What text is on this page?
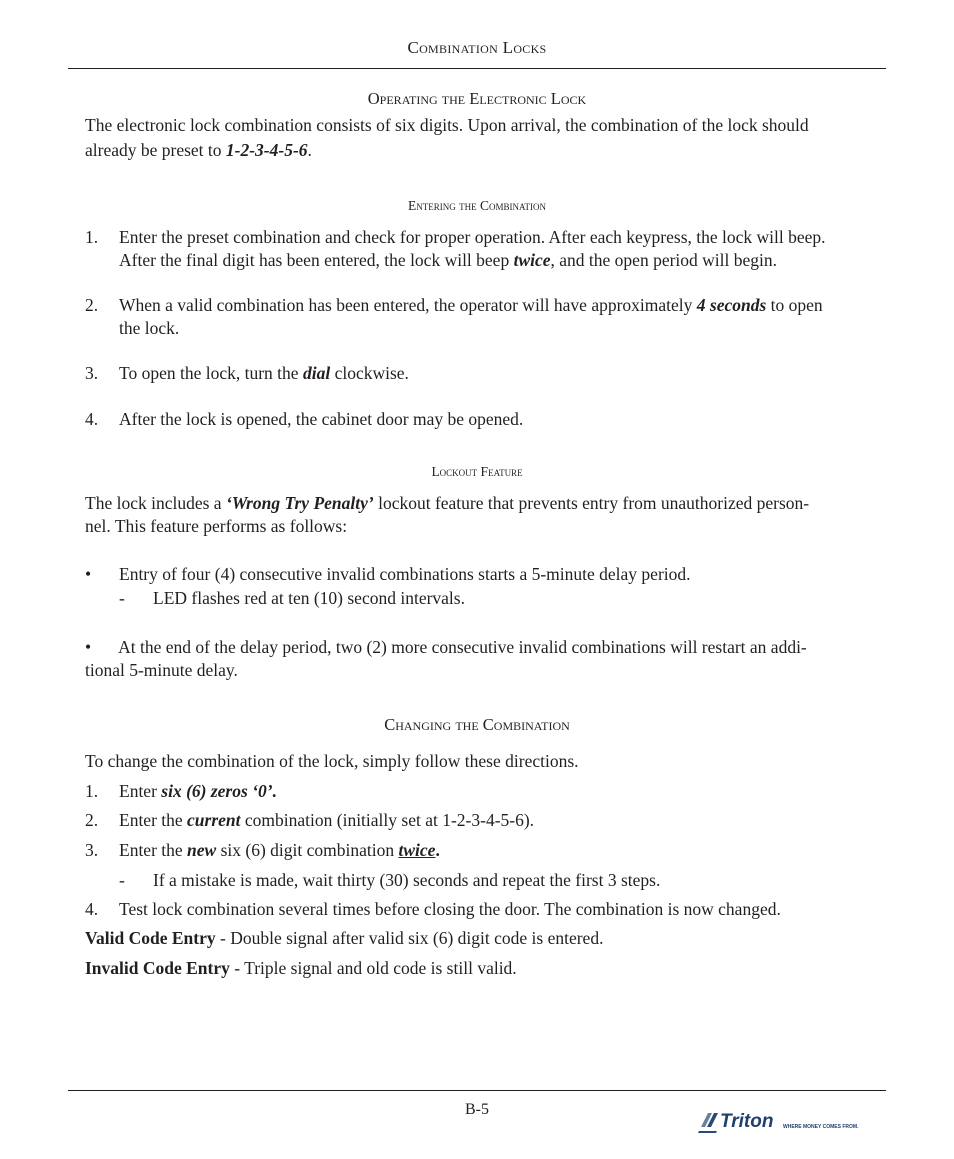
Combination Locks
Operating the Electronic Lock
The electronic lock combination consists of six digits. Upon arrival, the combination of the lock should
already be preset to 1-2-3-4-5-6.
Entering the Combination
1.	Enter the preset combination and check for proper operation. After each keypress, the lock will beep.
After the final digit has been entered, the lock will beep twice, and the open period will begin.
2.	When a valid combination has been entered, the operator will have approximately 4 seconds to open
the lock.
3.	To open the lock, turn the dial clockwise.
4.	After the lock is opened, the cabinet door may be opened.
Lockout Feature
The lock includes a ‘Wrong Try Penalty’ lockout feature that prevents entry from unauthorized person-
nel. This feature performs as follows:
• Entry of four (4) consecutive invalid combinations starts a 5-minute delay period.
- LED flashes red at ten (10) second intervals.
• At the end of the delay period, two (2) more consecutive invalid combinations will restart an addi-
tional 5-minute delay.
Changing the Combination
To change the combination of the lock, simply follow these directions.
1.	Enter six (6) zeros ‘0’.
2.	Enter the current combination (initially set at 1-2-3-4-5-6).
3.	Enter the new six (6) digit combination twice.
- If a mistake is made, wait thirty (30) seconds and repeat the first 3 steps.
4.	Test lock combination several times before closing the door. The combination is now changed.
Valid Code Entry - Double signal after valid six (6) digit code is entered.
Invalid Code Entry - Triple signal and old code is still valid.
B-5
Triton WHERE MONEY COMES FROM.
